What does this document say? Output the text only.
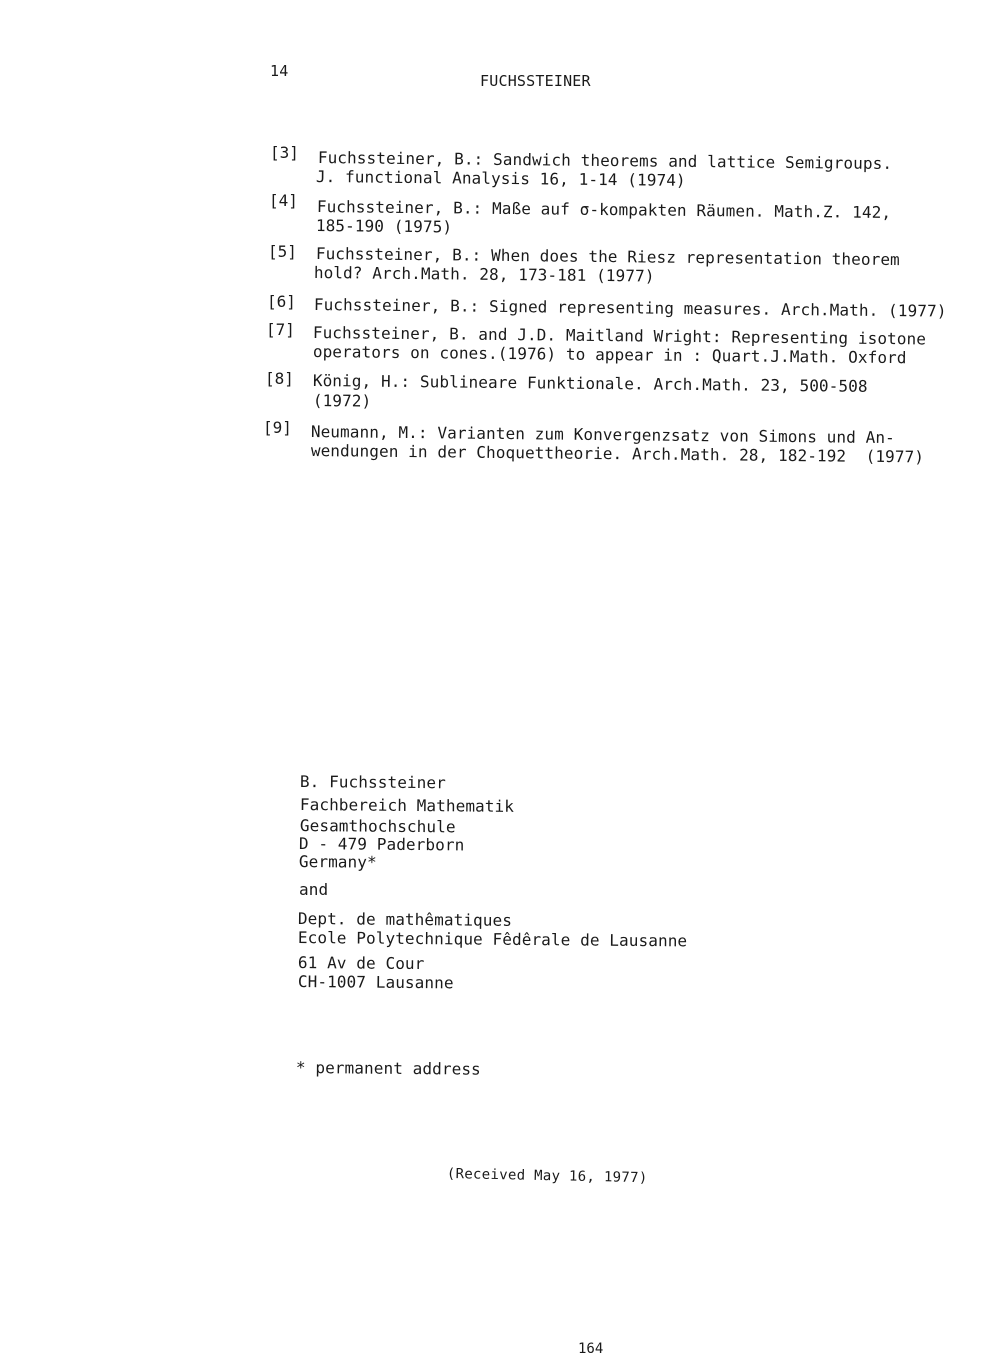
14
FUCHSSTEINER
[3] Fuchssteiner, B.: Sandwich theorems and lattice Semigroups.
J. functional Analysis 16, 1-14 (1974)
[4] Fuchssteiner, B.: Maße auf σ-kompakten Räumen. Math.Z. 142,
185-190 (1975)
[5] Fuchssteiner, B.: When does the Riesz representation theorem
hold? Arch.Math. 28, 173-181 (1977)
[6] Fuchssteiner, B.: Signed representing measures. Arch.Math. (1977)
[7] Fuchssteiner, B. and J.D. Maitland Wright: Representing isotone
operators on cones.(1976) to appear in : Quart.J.Math. Oxford
[8] König, H.: Sublineare Funktionale. Arch.Math. 23, 500-508
(1972)
[9] Neumann, M.: Varianten zum Konvergenzsatz von Simons und An-
wendungen in der Choquettheorie. Arch.Math. 28, 182-192  (1977)
B. Fuchssteiner
Fachbereich Mathematik
Gesamthochschule
D - 479 Paderborn
Germany*
and
Dept. de mathêmatiques
Ecole Polytechnique Fêdêrale de Lausanne
61 Av de Cour
CH-1007 Lausanne
* permanent address
(Received May 16, 1977)
164
